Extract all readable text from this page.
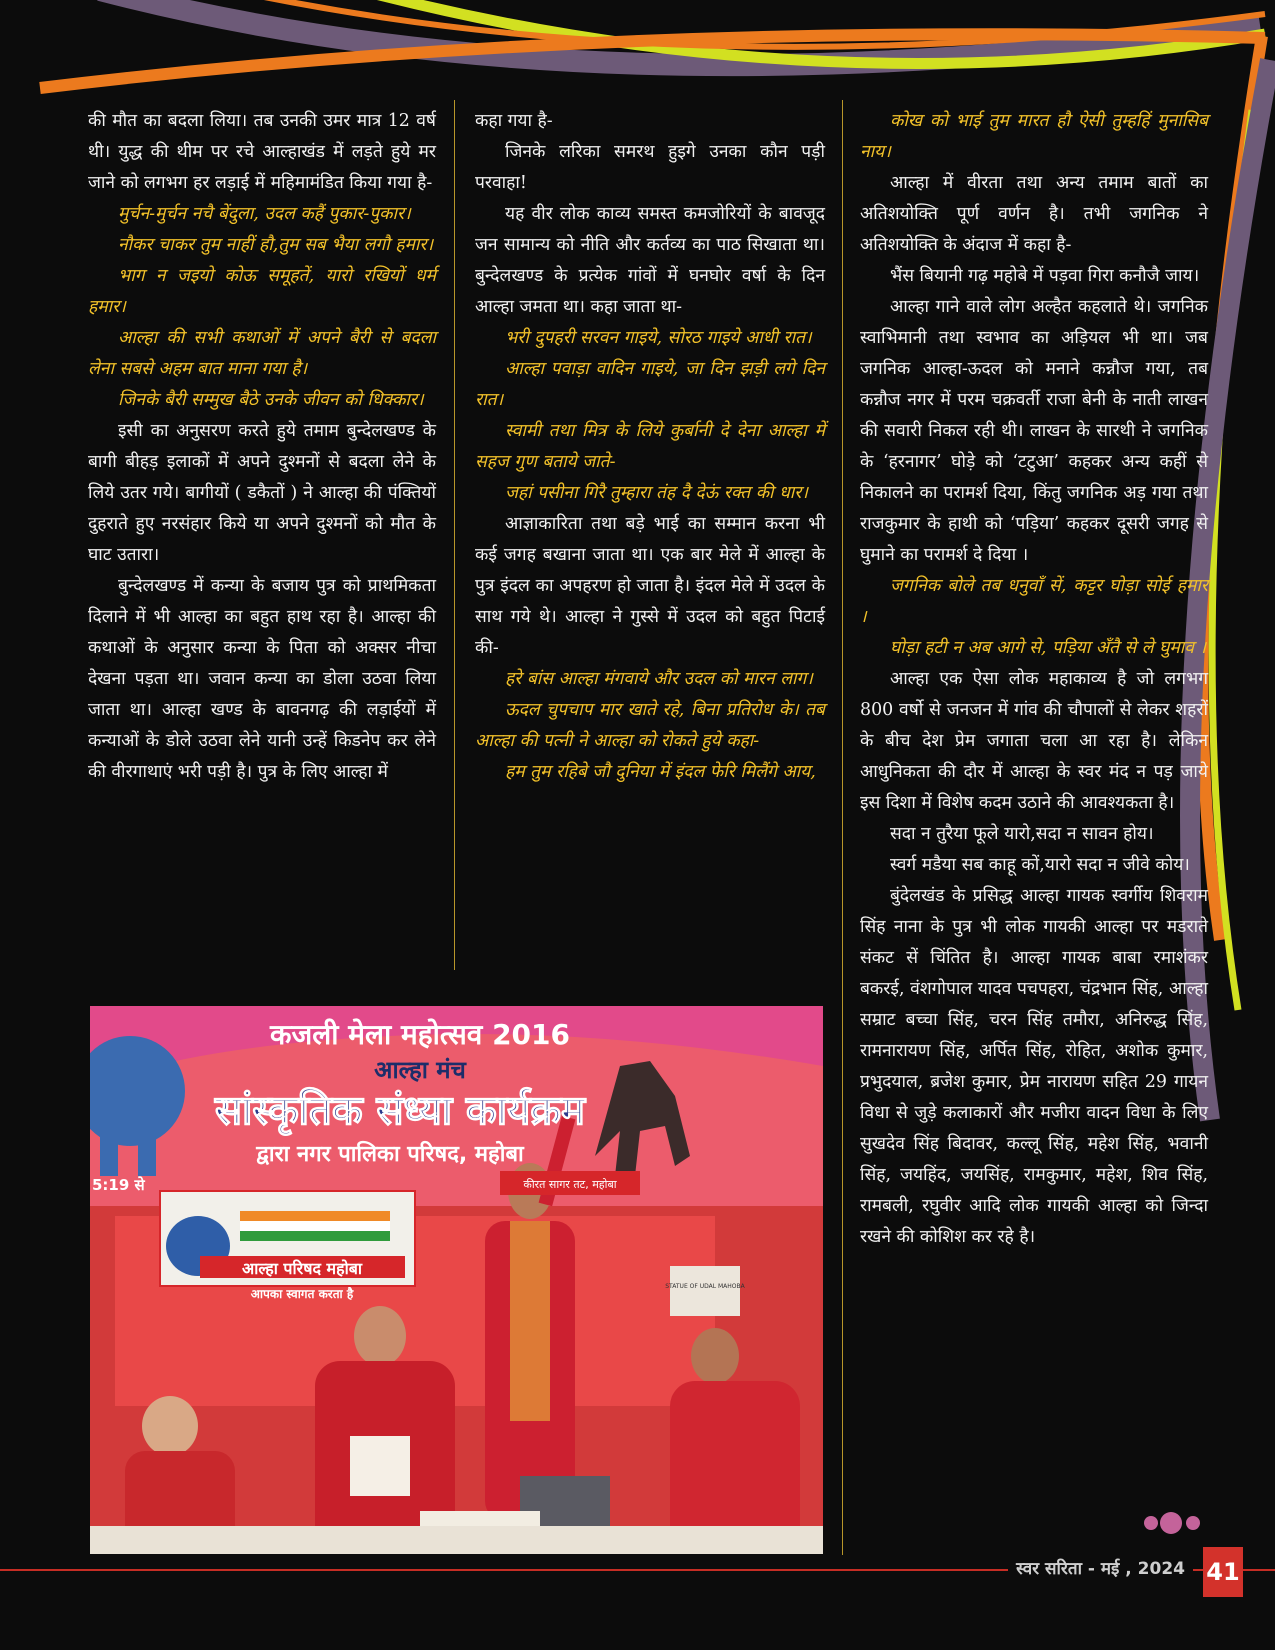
की मौत का बदला लिया। तब उनकी उमर मात्र 12 वर्ष थी। युद्ध की थीम पर रचे आल्हाखंड में लड़ते हुये मर जाने को लगभग हर लड़ाई में महिमामंडित किया गया है-

मुर्चन-मुर्चन नचै बेंदुला, उदल कहैं पुकार-पुकार।

नौकर चाकर तुम नाहीं हौ,तुम सब भैया लगौ हमार।

भाग न जइयो कोऊ समूहतें, यारो रखियों धर्म हमार।

आल्हा की सभी कथाओं में अपने बैरी से बदला लेना सबसे अहम बात माना गया है।

जिनके बैरी सम्मुख बैठे उनके जीवन को धिक्कार।

इसी का अनुसरण करते हुये तमाम बुन्देलखण्ड के बागी बीहड़ इलाकों में अपने दुश्मनों से बदला लेने के लिये उतर गये। बागीयों ( डकैतों ) ने आल्हा की पंक्तियों दुहराते हुए नरसंहार किये या अपने दुश्मनों को मौत के घाट उतारा।

बुन्देलखण्ड में कन्या के बजाय पुत्र को प्राथमिकता दिलाने में भी आल्हा का बहुत हाथ रहा है। आल्हा की कथाओं के अनुसार कन्या के पिता को अक्सर नीचा देखना पड़ता था। जवान कन्या का डोला उठवा लिया जाता था। आल्हा खण्ड के बावनगढ़ की लड़ाईयों में कन्याओं के डोले उठवा लेने यानी उन्हें किडनेप कर लेने की वीरगाथाएं भरी पड़ी है। पुत्र के लिए आल्हा में

कहा गया है-

जिनके लरिका समरथ हुइगे उनका कौन पड़ी परवाहा!

यह वीर लोक काव्य समस्त कमजोरियों के बावजूद जन सामान्य को नीति और कर्तव्य का पाठ सिखाता था। बुन्देलखण्ड के प्रत्येक गांवों में घनघोर वर्षा के दिन आल्हा जमता था। कहा जाता था-

भरी दुपहरी सरवन गाइये, सोरठ गाइये आधी रात।

आल्हा पवाड़ा वादिन गाइये, जा दिन झड़ी लगे दिन रात।

स्वामी तथा मित्र के लिये कुर्बानी दे देना आल्हा में सहज गुण बताये जाते-

जहां पसीना गिरै तुम्हारा तंह दै देऊं रक्त की धार।

आज्ञाकारिता तथा बड़े भाई का सम्मान करना भी कई जगह बखाना जाता था। एक बार मेले में आल्हा के पुत्र इंदल का अपहरण हो जाता है। इंदल मेले में उदल के साथ गये थे। आल्हा ने गुस्से में उदल को बहुत पिटाई की-

हरे बांस आल्हा मंगवाये और उदल को मारन लाग।

ऊदल चुपचाप मार खाते रहे, बिना प्रतिरोध के। तब आल्हा की पत्नी ने आल्हा को रोकते हुये कहा-

हम तुम रहिबे जौ दुनिया में इंदल फेरि मिलैंगे आय,

कोख को भाई तुम मारत हौ ऐसी तुम्हहिं मुनासिब नाय।

आल्हा में वीरता तथा अन्य तमाम बातों का अतिशयोक्ति पूर्ण वर्णन है। तभी जगनिक ने अतिशयोक्ति के अंदाज में कहा है-

भैंस बियानी गढ़ महोबे में पड़वा गिरा कनौजै जाय।

आल्हा गाने वाले लोग अल्हैत कहलाते थे। जगनिक स्वाभिमानी तथा स्वभाव का अड़ियल भी था। जब जगनिक आल्हा-ऊदल को मनाने कन्नौज गया, तब कन्नौज नगर में परम चक्रवर्ती राजा बेनी के नाती लाखन की सवारी निकल रही थी। लाखन के सारथी ने जगनिक के ‘हरनागर’ घोड़े को ‘टटुआ’ कहकर अन्य कहीं से निकालने का परामर्श दिया, किंतु जगनिक अड़ गया तथा राजकुमार के हाथी को ‘पड़िया’ कहकर दूसरी जगह से घुमाने का परामर्श दे दिया ।

जगनिक बोले तब धनुवाँ सें, कट्टर घोड़ा सोई हमार ।

घोड़ा हटी न अब आगे से, पड़िया अँतै से ले घुमाव ।

आल्हा एक ऐसा लोक महाकाव्य है जो लगभग 800 वर्षो से जनजन में गांव की चौपालों से लेकर शहरों के बीच देश प्रेम जगाता चला आ रहा है। लेकिन आधुनिकता की दौर में आल्हा के स्वर मंद न पड़ जाये इस दिशा में विशेष कदम उठाने की आवश्यकता है।

सदा न तुरैया फूले यारो,सदा न सावन होय।

स्वर्ग मडैया सब काहू कों,यारो सदा न जीवे कोय।

बुंदेलखंड के प्रसिद्ध आल्हा गायक स्वर्गीय शिवराम सिंह नाना के पुत्र भी लोक गायकी आल्हा पर मडराते संकट सें चिंतित है। आल्हा गायक बाबा रमाशंकर बकरई, वंशगोपाल यादव पचपहरा, चंद्रभान सिंह, आल्हा सम्राट बच्चा सिंह, चरन सिंह तमौरा, अनिरुद्ध सिंह, रामनारायण सिंह, अर्पित सिंह, रोहित, अशोक कुमार, प्रभुदयाल, ब्रजेश कुमार, प्रेम नारायण सहित 29 गायन विधा से जुड़े कलाकारों और मजीरा वादन विधा के लिए सुखदेव सिंह बिदावर, कल्लू सिंह, महेश सिंह, भवानी सिंह, जयहिंद, जयसिंह, रामकुमार, महेश, शिव सिंह, रामबली, रघुवीर आदि लोक गायकी आल्हा को जिन्दा रखने की कोशिश कर रहे है।

कजली मेला महोत्सव 2016
आल्हा मंच
सांस्कृतिक संध्या कार्यक्रम
द्वारा नगर पालिका परिषद, महोबा
5:19 से	कीरत सागर तट, महोबा
आल्हा परिषद महोबा
आपका स्वागत करता है
STATUE OF UDAL MAHOBA
स्वर सरिता - मई , 2024 41
